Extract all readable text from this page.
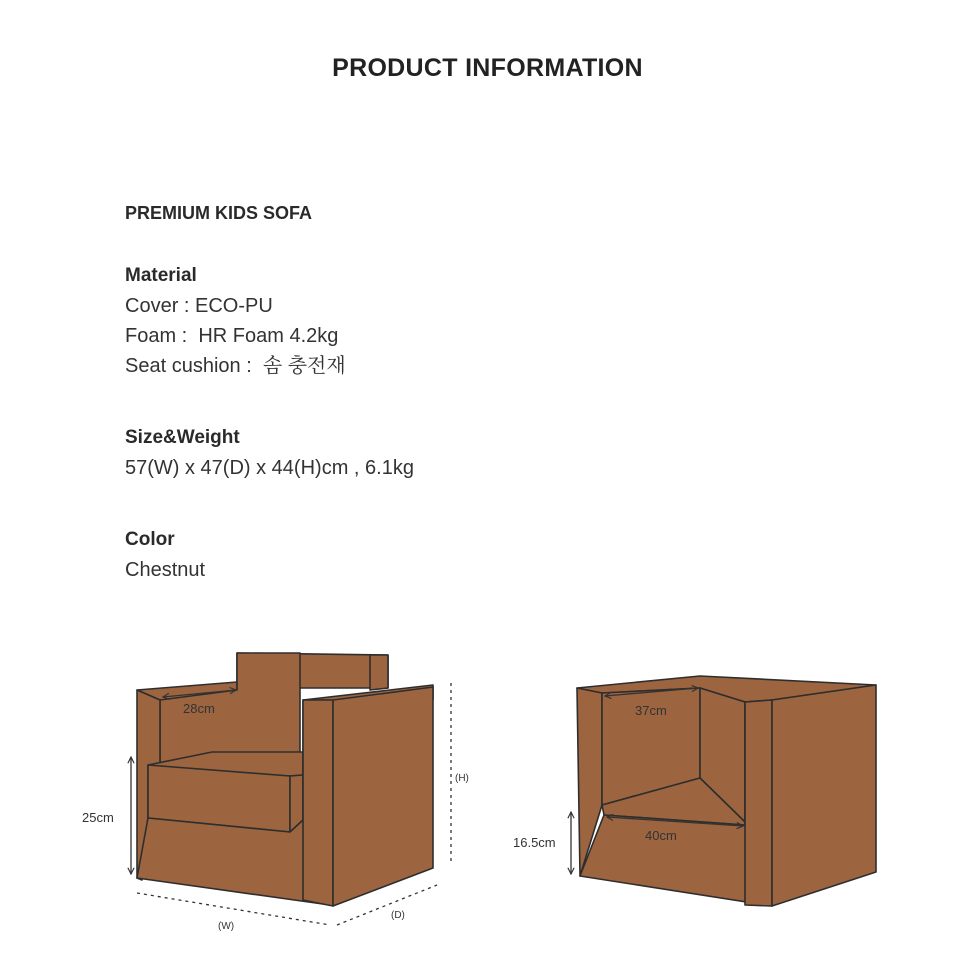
PRODUCT INFORMATION
PREMIUM KIDS SOFA
Material
Cover : ECO-PU
Foam :  HR Foam 4.2kg
Seat cushion :  솜 충전재
Size&Weight
57(W) x 47(D) x 44(H)cm , 6.1kg
Color
Chestnut
28cm
25cm
(H)
(W)
(D)
37cm
40cm
16.5cm
